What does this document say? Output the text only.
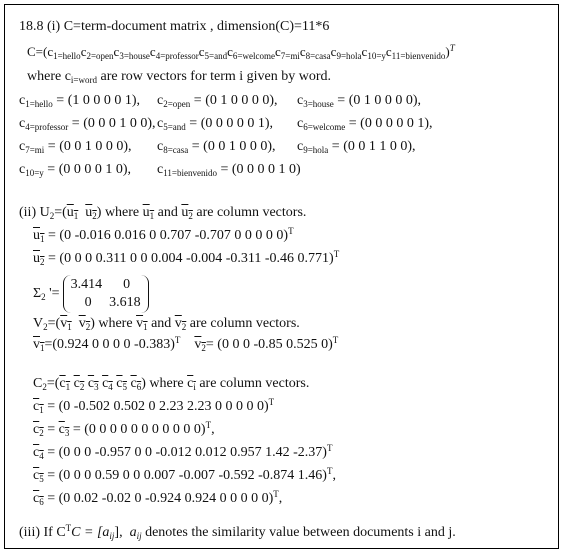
18.8 (i) C=term-document matrix , dimension(C)=11*6
$C=(c_{1=hello}c_{2=open}c_{3=house}c_{4=professor}c_{5=and}c_{6=welcome}c_{7=mi}c_{8=casa}c_{9=hola}c_{10=y}c_{11=bienvenido})^T$
where $c_{i=word}$ are row vectors for term i given by word.
$c_{1=hello} = (1$ 0 0 0 0 1), $c_{2=open} = (0$ 1 0 0 0 0), $c_{3=house} = (0$ 1 0 0 0 0),
$c_{4=professor} = (0$ 0 0 1 0 0), $c_{5=and} = (0$ 0 0 0 0 1), $c_{6=welcome} = (0$ 0 0 0 0 1),
$c_{7=mi} = (0$ 0 1 0 0 0), $c_{8=casa} = (0$ 0 1 0 0 0), $c_{9=hola} = (0$ 0 1 1 0 0),
$c_{10=y} = (0$ 0 0 0 1 0), $c_{11=bienvenido} = (0$ 0 0 0 1 0)
(ii) $U_2=(u_1$ $u_2$) where $u_1$ and $u_2$ are column vectors.
$u_1 = (0$ -0.016 0.016 0 0.707 -0.707 0 0 0 0 0)$^T$
$u_2 = (0$ 0 0 0.311 0 0 0.004 -0.004 -0.311 -0.46 0.771)$^T$
$\Sigma_2$ '=
3.414      0
0     3.618
$V_2=(v_1$ $v_2$) where $v_1$ and $v_2$ are column vectors.
$v_1=(0.924$ 0 0 0 0 -0.383)$^T$ $v_2= (0$ 0 0 -0.85 0.525 0)$^T$
$C_2=(c_1$ $c_2$ $c_3$ $c_4$ $c_5$ $c_6$) where $c_i$ are column vectors.
$c_1 = (0$ -0.502 0.502 0 2.23 2.23 0 0 0 0 0)$^T$
$c_2 = c_3 = (0$ 0 0 0 0 0 0 0 0 0 0)$^T$,
$c_4 = (0$ 0 0 -0.957 0 0 -0.012 0.012 0.957 1.42 -2.37)$^T$
$c_5 = (0$ 0 0 0.59 0 0 0.007 -0.007 -0.592 -0.874 1.46)$^T$,
$c_6 = (0$ 0.02 -0.02 0 -0.924 0.924 0 0 0 0 0)$^T$,
(iii) If $C^TC = [a_{ij}]$,  $a_{ij}$ denotes the similarity value between documents i and j.
